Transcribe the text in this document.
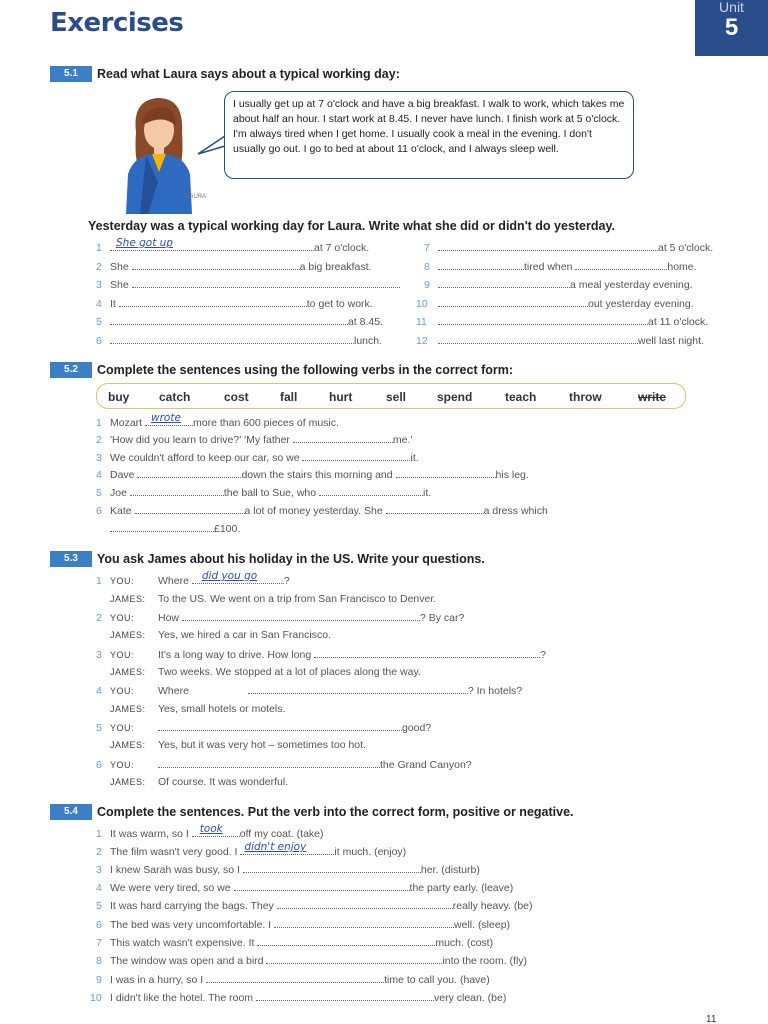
Exercises
Unit
5
5.1	Read what Laura says about a typical working day:
LAURA
I usually get up at 7 o'clock and have a big breakfast. I walk to work, which takes me about half an hour. I start work at 8.45. I never have lunch. I finish work at 5 o'clock. I'm always tired when I get home. I usually cook a meal in the evening. I don't usually go out. I go to bed at about 11 o'clock, and I always sleep well.
Yesterday was a typical working day for Laura. Write what she did or didn't do yesterday.
1 She got up	at 7 o'clock.
2 She	a big breakfast.
3 She
4 It	to get to work.
5	at 8.45.
6	lunch.
7	at 5 o'clock.
8	tired when	home.
9	a meal yesterday evening.
10	out yesterday evening.
11	at 11 o'clock.
12	well last night.
5.2	Complete the sentences using the following verbs in the correct form:
buy catch	cost	fall	hurt	sell	spend	teach	throw	write
1 Mozart wrote more than 600 pieces of music.
2 'How did you learn to drive?' 'My father	me.'
3 We couldn't afford to keep our car, so we	it.
4 Dave	down the stairs this morning and	his leg.
5 Joe	the ball to Sue, who	it.
6 Kate	a lot of money yesterday. She	a dress which
£100.
5.3	You ask James about his holiday in the US. Write your questions.
1 YOU: Where did you go	?
JAMES: To the US. We went on a trip from San Francisco to Denver.
2 YOU: How	? By car?
JAMES: Yes, we hired a car in San Francisco.
3 YOU: It's a long way to drive. How long	?
JAMES: Two weeks. We stopped at a lot of places along the way.
4 YOU: Where	? In hotels?
JAMES: Yes, small hotels or motels.
5 YOU:	good?
JAMES: Yes, but it was very hot – sometimes too hot.
6 YOU:	the Grand Canyon?
JAMES: Of course. It was wonderful.
5.4	Complete the sentences. Put the verb into the correct form, positive or negative.
1 It was warm, so I took off my coat. (take)
2 The film wasn't very good. I didn't enjoy	it much. (enjoy)
3 I knew Sarah was busy, so I	her. (disturb)
4 We were very tired, so we	the party early. (leave)
5 It was hard carrying the bags. They	really heavy. (be)
6 The bed was very uncomfortable. I	well. (sleep)
7 This watch wasn't expensive. It	much. (cost)
8 The window was open and a bird	into the room. (fly)
9 I was in a hurry, so I	time to call you. (have)
10 I didn't like the hotel. The room	very clean. (be)
11
